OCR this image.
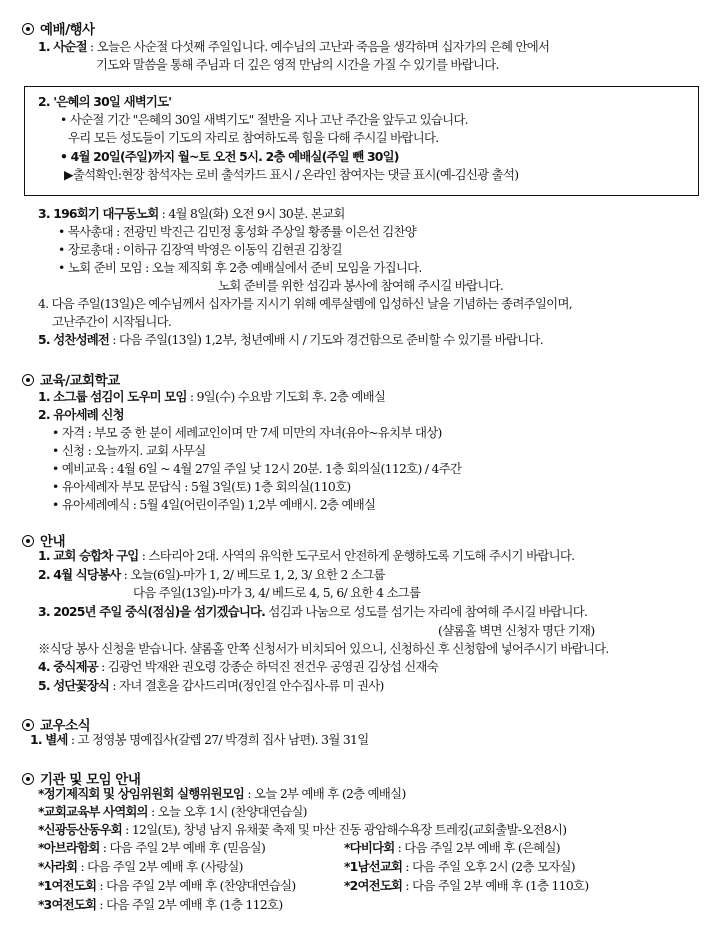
예배/행사
1. 사순절 : 오늘은 사순절 다섯째 주일입니다. 예수님의 고난과 죽음을 생각하며 십자가의 은혜 안에서
기도와 말씀을 통해 주님과 더 깊은 영적 만남의 시간을 가질 수 있기를 바랍니다.
2. '은혜의 30일 새벽기도'
• 사순절 기간 "은혜의 30일 새벽기도" 절반을 지나 고난 주간을 앞두고 있습니다.
우리 모든 성도들이 기도의 자리로 참여하도록 힘을 다해 주시길 바랍니다.
• 4월 20일(주일)까지 월~토 오전 5시. 2층 예배실(주일 뺀 30일)
▶출석확인:현장 참석자는 로비 출석카드 표시 / 온라인 참여자는 댓글 표시(예-김신광 출석)
3. 196회기 대구동노회 : 4월 8일(화) 오전 9시 30분. 본교회
• 목사총대 : 전광민 박진근 김민정 홍성화 주상일 황종률 이은선 김찬양
• 장로총대 : 이하규 김장역 박영은 이동익 김현권 김창길
• 노회 준비 모임 : 오늘 제직회 후 2층 예배실에서 준비 모임을 가집니다.
노회 준비를 위한 섬김과 봉사에 참여해 주시길 바랍니다.
4. 다음 주일(13일)은 예수님께서 십자가를 지시기 위해 예루살렘에 입성하신 날을 기념하는 종려주일이며,
고난주간이 시작됩니다.
5. 성찬성례전 : 다음 주일(13일) 1,2부, 청년예배 시 / 기도와 경건함으로 준비할 수 있기를 바랍니다.
교육/교회학교
1. 소그룹 섬김이 도우미 모임 : 9일(수) 수요밤 기도회 후. 2층 예배실
2. 유아세례 신청
• 자격 : 부모 중 한 분이 세례교인이며 만 7세 미만의 자녀(유아~유치부 대상)
• 신청 : 오늘까지. 교회 사무실
• 예비교육 : 4월 6일 ~ 4월 27일 주일 낮 12시 20분. 1층 회의실(112호) / 4주간
• 유아세례자 부모 문답식 : 5월 3일(토) 1층 회의실(110호)
• 유아세례예식 : 5월 4일(어린이주일) 1,2부 예배시. 2층 예배실
안내
1. 교회 승합차 구입 : 스타리아 2대. 사역의 유익한 도구로서 안전하게 운행하도록 기도해 주시기 바랍니다.
2. 4월 식당봉사 : 오늘(6일)-마가 1, 2/ 베드로 1, 2, 3/ 요한 2 소그룹
다음 주일(13일)-마가 3, 4/ 베드로 4, 5, 6/ 요한 4 소그룹
3. 2025년 주일 중식(점심)을 섬기겠습니다. 섬김과 나눔으로 성도를 섬기는 자리에 참여해 주시길 바랍니다.
(샬롬홀 벽면 신청자 명단 기재)
※식당 봉사 신청을 받습니다. 샬롬홀 안쪽 신청서가 비치되어 있으니, 신청하신 후 신청함에 넣어주시기 바랍니다.
4. 중식제공 : 김광언 박재완 권오령 강종순 하덕진 전건우 공영권 김상섭 신재숙
5. 성단꽃장식 : 자녀 결혼을 감사드리며(정인걸 안수집사-류 미 권사)
교우소식
1. 별세 : 고 정영봉 명예집사(갈렙 27/ 박경희 집사 남편). 3월 31일
기관 및 모임 안내
*정기제직회 및 상임위원회 실행위원모임 : 오늘 2부 예배 후 (2층 예배실)
*교회교육부 사역회의 : 오늘 오후 1시 (찬양대연습실)
*신광등산동우회 : 12일(토), 창녕 남지 유채꽃 축제 및 마산 진동 광암해수욕장 트레킹(교회출발-오전8시)
*아브라함회 : 다음 주일 2부 예배 후 (믿음실)	*다비다회 : 다음 주일 2부 예배 후 (은혜실)
*사라회 : 다음 주일 2부 예배 후 (사랑실)	*1남선교회 : 다음 주일 오후 2시 (2층 모자실)
*1여전도회 : 다음 주일 2부 예배 후 (찬양대연습실)	*2여전도회 : 다음 주일 2부 예배 후 (1층 110호)
*3여전도회 : 다음 주일 2부 예배 후 (1층 112호)
